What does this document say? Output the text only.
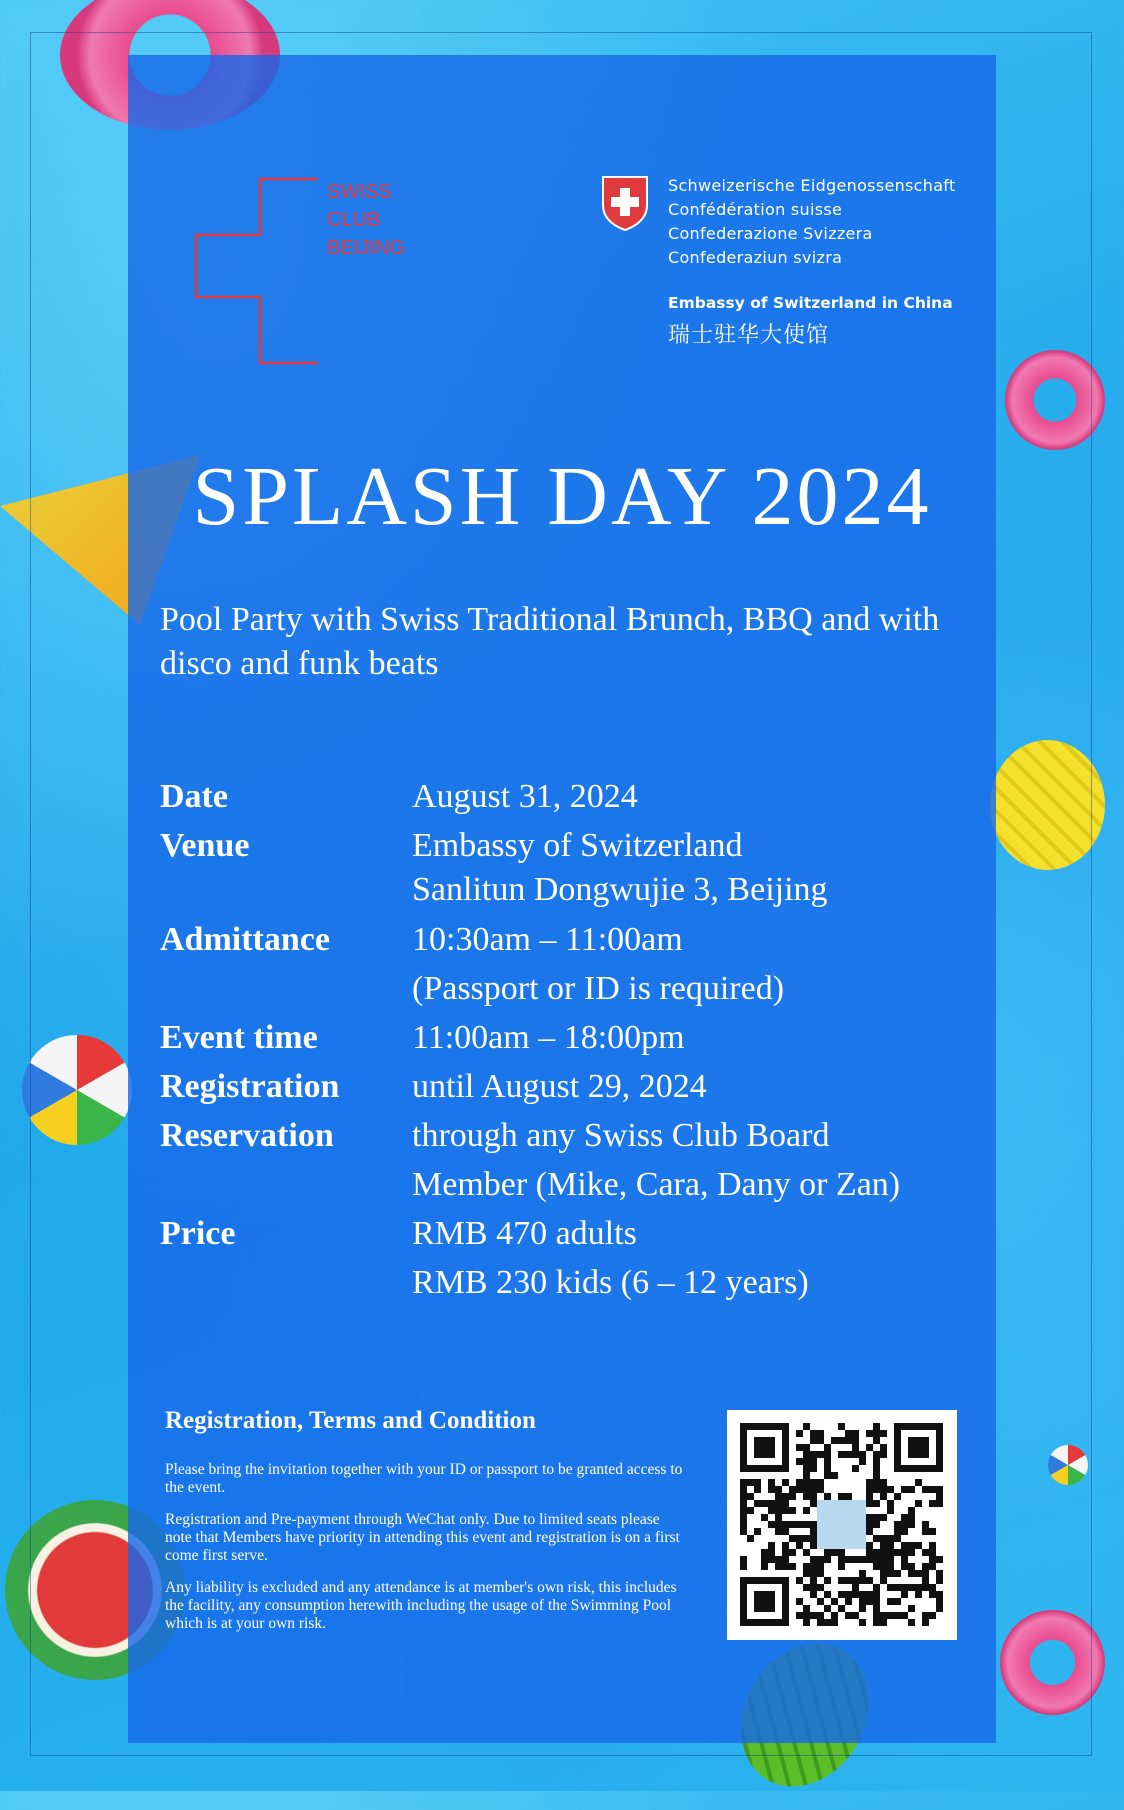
SWISS
CLUB
BEIJING

Schweizerische Eidgenossenschaft
Confédération suisse
Confederazione Svizzera
Confederaziun svizra
Embassy of Switzerland in China
瑞士驻华大使馆
SPLASH DAY 2024

Pool Party with Swiss Traditional Brunch, BBQ and with disco and funk beats

Date	August 31, 2024
Venue	Embassy of Switzerland
Sanlitun Dongwujie 3, Beijing
Admittance 10:30am – 11:00am
(Passport or ID is required)
Event time	11:00am – 18:00pm
Registration until August 29, 2024
Reservation through any Swiss Club Board
Member (Mike, Cara, Dany or Zan)
Price	RMB 470 adults
RMB 230 kids (6 – 12 years)
Registration, Terms and Condition

Please bring the invitation together with your ID or passport to be granted access to the event.

Registration and Pre-payment through WeChat only. Due to limited seats please note that Members have priority in attending this event and registration is on a first come first serve.

Any liability is excluded and any attendance is at member's own risk, this includes the facility, any consumption herewith including the usage of the Swimming Pool which is at your own risk.
